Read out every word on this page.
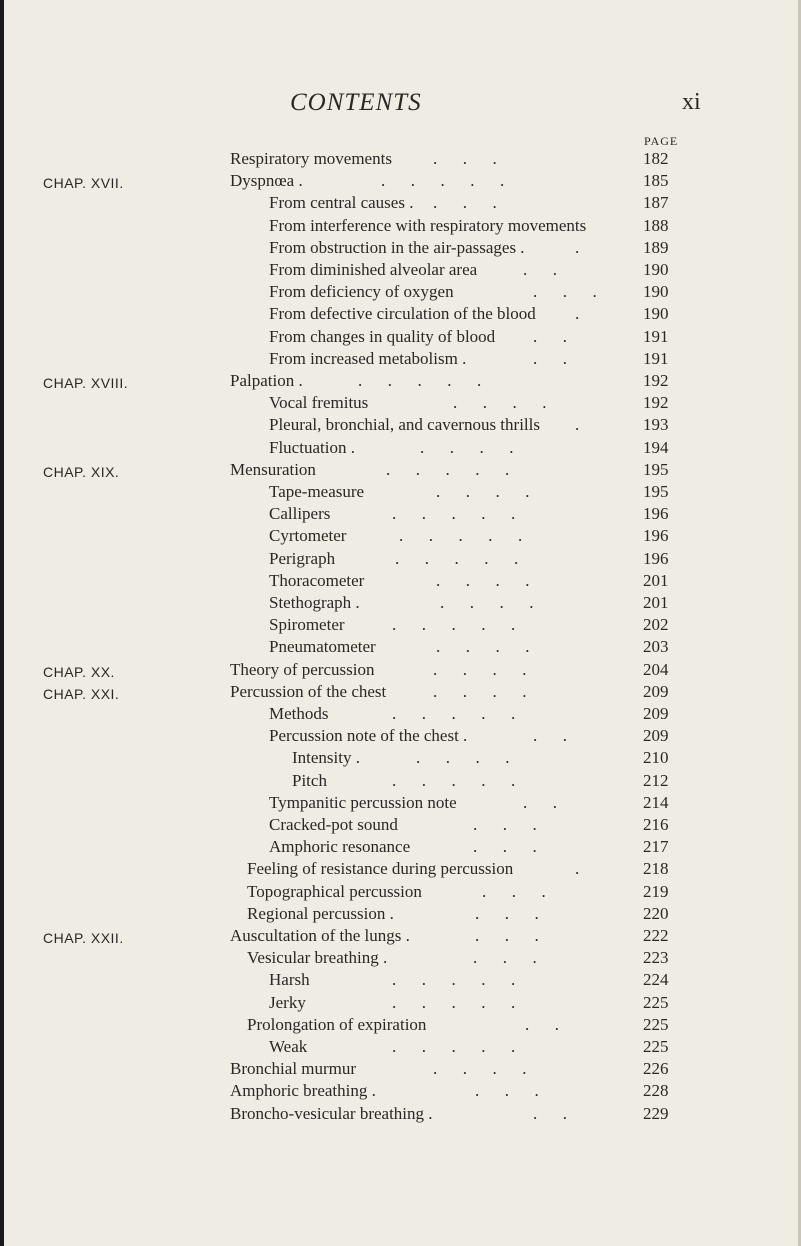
CONTENTS	xi
PAGE
Respiratory movements .      .      .	182
CHAP. XVII.	Dyspnœa .	.      .      .      .      .	185
From central causes . .      .      .	187
From interference with respiratory movements	188
From obstruction in the air-passages .	.	189
From diminished alveolar area	.      .	190
From deficiency of oxygen	.      .      .	190
From defective circulation of the blood .	190
From changes in quality of blood .      .	191
From increased metabolism .	.      .	191
CHAP. XVIII.	Palpation .	.      .      .      .      .	192
Vocal fremitus	.      .      .      .	192
Pleural, bronchial, and cavernous thrills .	193
Fluctuation .	.      .      .      .	194
CHAP. XIX.	Mensuration	.      .      .      .      .	195
Tape-measure	.      .      .      .	195
Callipers	.      .      .      .      .	196
Cyrtometer	.      .      .      .      .	196
Perigraph	.      .      .      .      .	196
Thoracometer	.      .      .      .	201
Stethograph .	.      .      .      .	201
Spirometer	.      .      .      .      .	202
Pneumatometer	.      .      .      .	203
CHAP. XX.	Theory of percussion	.      .      .      .	204
CHAP. XXI.	Percussion of the chest	.      .      .      .	209
Methods	.      .      .      .      .	209
Percussion note of the chest .	.      .	209
Intensity .	.      .      .      .	210
Pitch	.      .      .      .      .	212
Tympanitic percussion note	.      .	214
Cracked-pot sound	.      .      .	216
Amphoric resonance	.      .      .	217
Feeling of resistance during percussion	.	218
Topographical percussion	.      .      .	219
Regional percussion .	.      .      .	220
CHAP. XXII.	Auscultation of the lungs .	.      .      .	222
Vesicular breathing .	.      .      .	223
Harsh	.      .      .      .      .	224
Jerky	.      .      .      .      .	225
Prolongation of expiration	.      .	225
Weak	.      .      .      .      .	225
Bronchial murmur	.      .      .      .	226
Amphoric breathing .	.      .      .	228
Broncho-vesicular breathing .	.      .	229
